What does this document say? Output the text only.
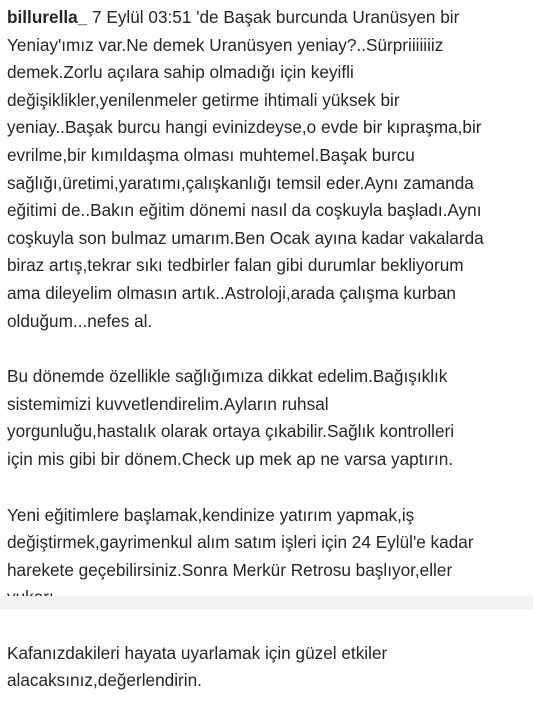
billurella_ 7 Eylül 03:51 'de Başak burcunda Uranüsyen bir
Yeniay'ımız var.Ne demek Uranüsyen yeniay?..Sürpriiiiiiiz
demek.Zorlu açılara sahip olmadığı için keyifli
değişiklikler,yenilenmeler getirme ihtimali yüksek bir
yeniay..Başak burcu hangi evinizdeyse,o evde bir kıpraşma,bir
evrilme,bir kımıldaşma olması muhtemel.Başak burcu
sağlığı,üretimi,yaratımı,çalışkanlığı temsil eder.Aynı zamanda
eğitimi de..Bakın eğitim dönemi nasıl da coşkuyla başladı.Aynı
coşkuyla son bulmaz umarım.Ben Ocak ayına kadar vakalarda
biraz artış,tekrar sıkı tedbirler falan gibi durumlar bekliyorum
ama dileyelim olmasın artık..Astroloji,arada çalışma kurban
olduğum...nefes al.

Bu dönemde özellikle sağlığımıza dikkat edelim.Bağışıklık
sistemimizi kuvvetlendirelim.Ayların ruhsal
yorgunluğu,hastalık olarak ortaya çıkabilir.Sağlık kontrolleri
için mis gibi bir dönem.Check up mek ap ne varsa yaptırın.

Yeni eğitimlere başlamak,kendinize yatırım yapmak,iş
değiştirmek,gayrimenkul alım satım işleri için 24 Eylül'e kadar
harekete geçebilirsiniz.Sonra Merkür Retrosu başlıyor,eller

Kafanızdakileri hayata uyarlamak için güzel etkiler
alacaksınız,değerlendirin.
